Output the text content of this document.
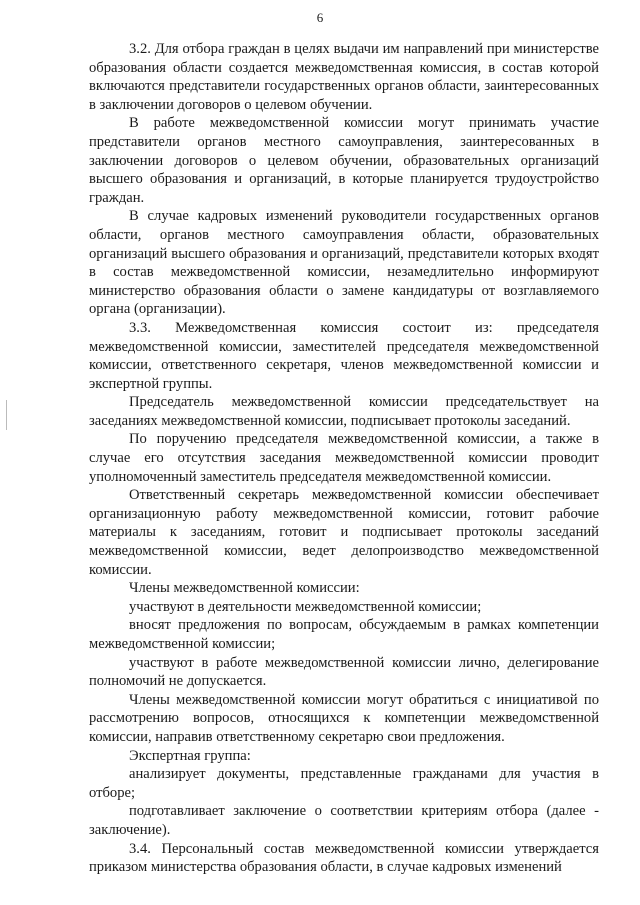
6

3.2. Для отбора граждан в целях выдачи им направлений при министерстве образования области создается межведомственная комиссия, в состав которой включаются представители государственных органов области, заинтересованных в заключении договоров о целевом обучении.

В работе межведомственной комиссии могут принимать участие представители органов местного самоуправления, заинтересованных в заключении договоров о целевом обучении, образовательных организаций высшего образования и организаций, в которые планируется трудоустройство граждан.

В случае кадровых изменений руководители государственных органов области, органов местного самоуправления области, образовательных организаций высшего образования и организаций, представители которых входят в состав межведомственной комиссии, незамедлительно информируют министерство образования области о замене кандидатуры от возглавляемого органа (организации).

3.3. Межведомственная комиссия состоит из: председателя межведомственной комиссии, заместителей председателя межведомственной комиссии, ответственного секретаря, членов межведомственной комиссии и экспертной группы.

Председатель межведомственной комиссии председательствует на заседаниях межведомственной комиссии, подписывает протоколы заседаний.

По поручению председателя межведомственной комиссии, а также в случае его отсутствия заседания межведомственной комиссии проводит уполномоченный заместитель председателя межведомственной комиссии.

Ответственный секретарь межведомственной комиссии обеспечивает организационную работу межведомственной комиссии, готовит рабочие материалы к заседаниям, готовит и подписывает протоколы заседаний межведомственной комиссии, ведет делопроизводство межведомственной комиссии.

Члены межведомственной комиссии:

участвуют в деятельности межведомственной комиссии;

вносят предложения по вопросам, обсуждаемым в рамках компетенции межведомственной комиссии;

участвуют в работе межведомственной комиссии лично, делегирование полномочий не допускается.

Члены межведомственной комиссии могут обратиться с инициативой по рассмотрению вопросов, относящихся к компетенции межведомственной комиссии, направив ответственному секретарю свои предложения.

Экспертная группа:

анализирует документы, представленные гражданами для участия в отборе;

подготавливает заключение о соответствии критериям отбора (далее - заключение).

3.4. Персональный состав межведомственной комиссии утверждается приказом министерства образования области, в случае кадровых изменений
